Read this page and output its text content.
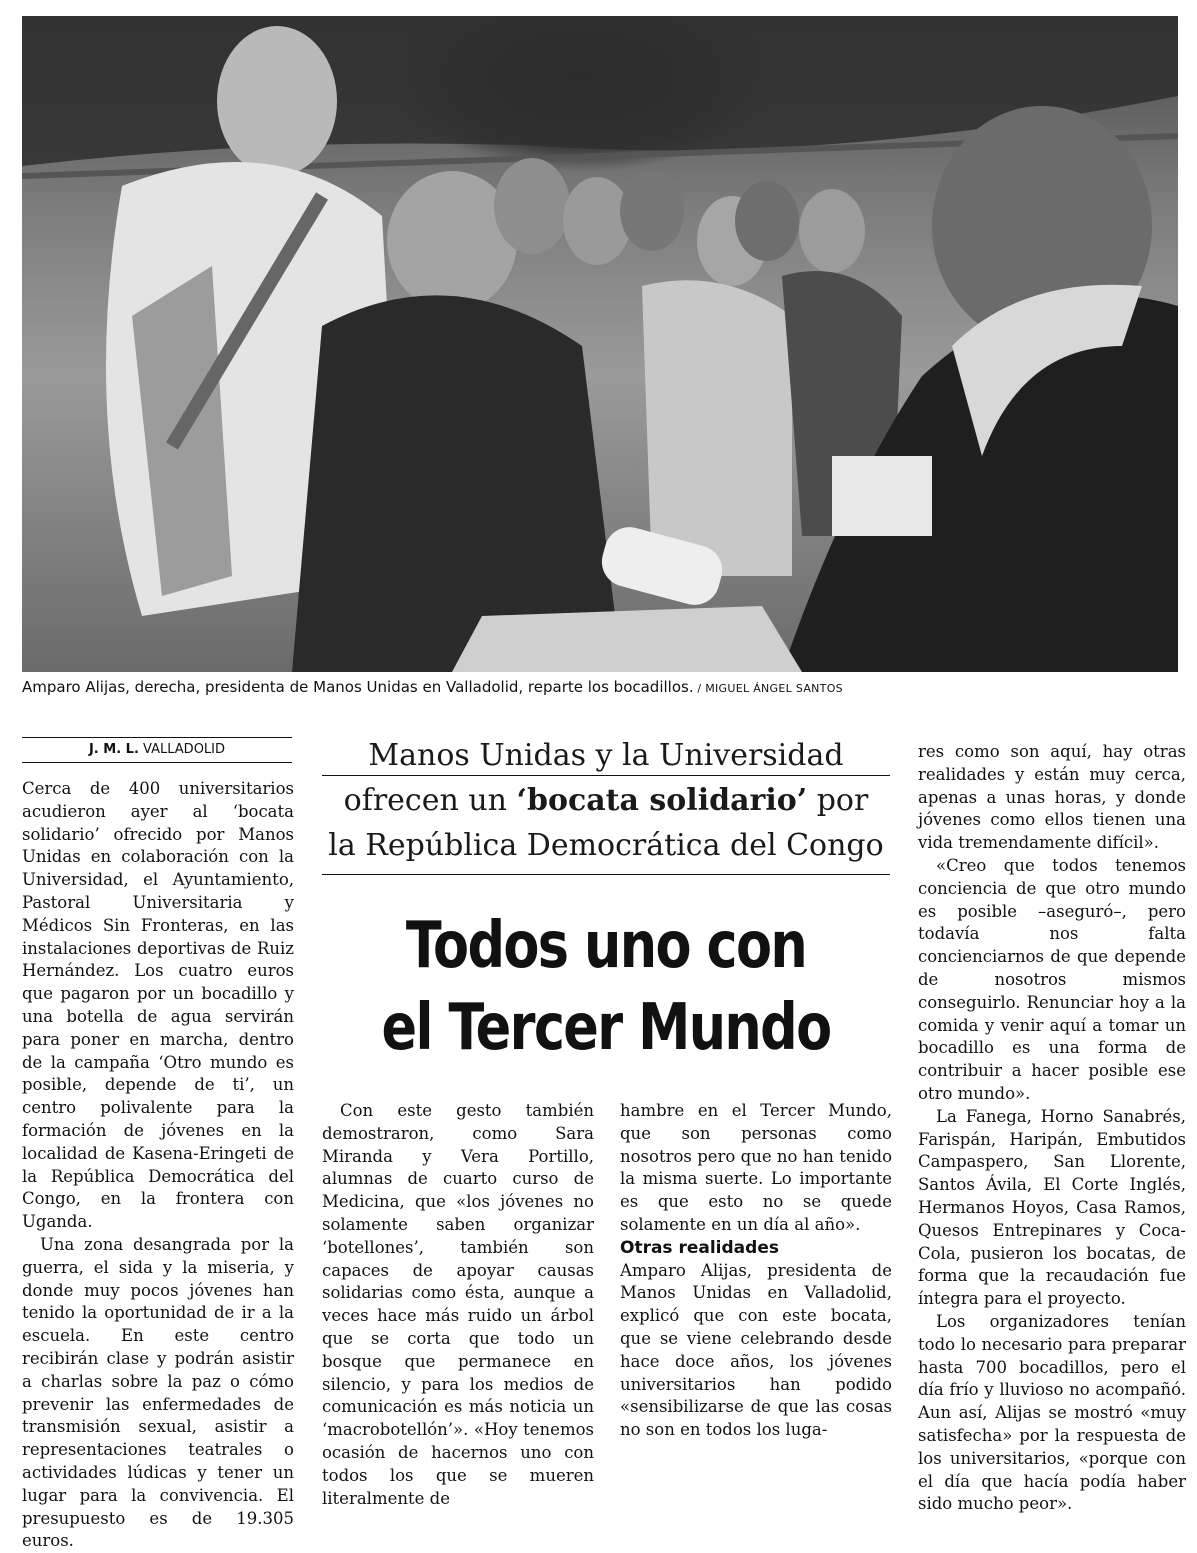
Amparo Alijas, derecha, presidenta de Manos Unidas en Valladolid, reparte los bocadillos. / MIGUEL ÁNGEL SANTOS
J. M. L. VALLADOLID

Cerca de 400 universitarios acudieron ayer al ‘bocata solidario’ ofrecido por Manos Unidas en colaboración con la Universidad, el Ayuntamiento, Pastoral Universitaria y Médicos Sin Fronteras, en las instalaciones deportivas de Ruiz Hernández. Los cuatro euros que pagaron por un bocadillo y una botella de agua servirán para poner en marcha, dentro de la campaña ‘Otro mundo es posible, depende de ti’, un centro polivalente para la formación de jóvenes en la localidad de Kasena-Eringeti de la República Democrática del Congo, en la frontera con Uganda.

Una zona desangrada por la guerra, el sida y la miseria, y donde muy pocos jóvenes han tenido la oportunidad de ir a la escuela. En este centro recibirán clase y podrán asistir a charlas sobre la paz o cómo prevenir las enfermedades de transmisión sexual, asistir a representaciones teatrales o actividades lúdicas y tener un lugar para la convivencia. El presupuesto es de 19.305 euros.

Manos Unidas y la Universidad
ofrecen un ‘bocata solidario’ por
la República Democrática del Congo
Todos uno con
el Tercer Mundo

Con este gesto también demostraron, como Sara Miranda y Vera Portillo, alumnas de cuarto curso de Medicina, que «los jóvenes no solamente saben organizar ‘botellones’, también son capaces de apoyar causas solidarias como ésta, aunque a veces hace más ruido un árbol que se corta que todo un bosque que permanece en silencio, y para los medios de comunicación es más noticia un ‘macrobotellón’». «Hoy tenemos ocasión de hacernos uno con todos los que se mueren literalmente de

hambre en el Tercer Mundo, que son personas como nosotros pero que no han tenido la misma suerte. Lo importante es que esto no se quede solamente en un día al año».

Otras realidades

Amparo Alijas, presidenta de Manos Unidas en Valladolid, explicó que con este bocata, que se viene celebrando desde hace doce años, los jóvenes universitarios han podido «sensibilizarse de que las cosas no son en todos los luga-

res como son aquí, hay otras realidades y están muy cerca, apenas a unas horas, y donde jóvenes como ellos tienen una vida tremendamente difícil».

«Creo que todos tenemos conciencia de que otro mundo es posible –aseguró–, pero todavía nos falta concienciarnos de que depende de nosotros mismos conseguirlo. Renunciar hoy a la comida y venir aquí a tomar un bocadillo es una forma de contribuir a hacer posible ese otro mundo».

La Fanega, Horno Sanabrés, Farispán, Haripán, Embutidos Campaspero, San Llorente, Santos Ávila, El Corte Inglés, Hermanos Hoyos, Casa Ramos, Quesos Entrepinares y Coca-Cola, pusieron los bocatas, de forma que la recaudación fue íntegra para el proyecto.

Los organizadores tenían todo lo necesario para preparar hasta 700 bocadillos, pero el día frío y lluvioso no acompañó. Aun así, Alijas se mostró «muy satisfecha» por la respuesta de los universitarios, «porque con el día que hacía podía haber sido mucho peor».
